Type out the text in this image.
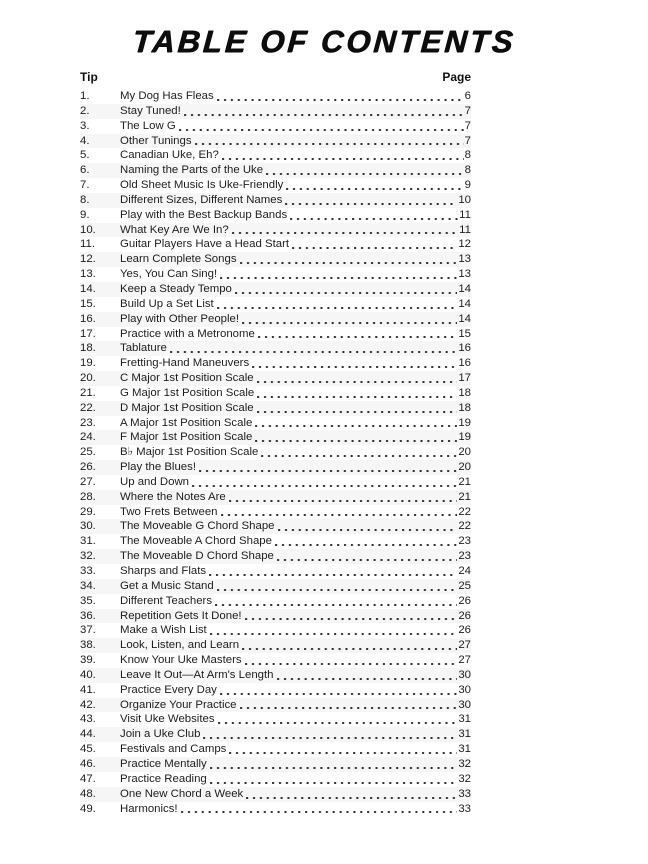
TABLE OF CONTENTS
Tip	Page
1.	My Dog Has Fleas	6
2.	Stay Tuned!	7
3.	The Low G	7
4.	Other Tunings	7
5.	Canadian Uke, Eh?	8
6.	Naming the Parts of the Uke	8
7.	Old Sheet Music Is Uke-Friendly	9
8.	Different Sizes, Different Names	10
9.	Play with the Best Backup Bands	11
10.	What Key Are We In?	11
11.	Guitar Players Have a Head Start	12
12.	Learn Complete Songs	13
13.	Yes, You Can Sing!	13
14.	Keep a Steady Tempo	14
15.	Build Up a Set List	14
16.	Play with Other People!	14
17.	Practice with a Metronome	15
18.	Tablature	16
19.	Fretting-Hand Maneuvers	16
20.	C Major 1st Position Scale	17
21.	G Major 1st Position Scale	18
22.	D Major 1st Position Scale	18
23.	A Major 1st Position Scale	19
24.	F Major 1st Position Scale	19
25.	B♭ Major 1st Position Scale	20
26.	Play the Blues!	20
27.	Up and Down	21
28.	Where the Notes Are	21
29.	Two Frets Between	22
30.	The Moveable G Chord Shape	22
31.	The Moveable A Chord Shape	23
32.	The Moveable D Chord Shape	23
33.	Sharps and Flats	24
34.	Get a Music Stand	25
35.	Different Teachers	26
36.	Repetition Gets It Done!	26
37.	Make a Wish List	26
38.	Look, Listen, and Learn	27
39.	Know Your Uke Masters	27
40.	Leave It Out—At Arm's Length	30
41.	Practice Every Day	30
42.	Organize Your Practice	30
43.	Visit Uke Websites	31
44.	Join a Uke Club	31
45.	Festivals and Camps	31
46.	Practice Mentally	32
47.	Practice Reading	32
48.	One New Chord a Week	33
49.	Harmonics!	33
